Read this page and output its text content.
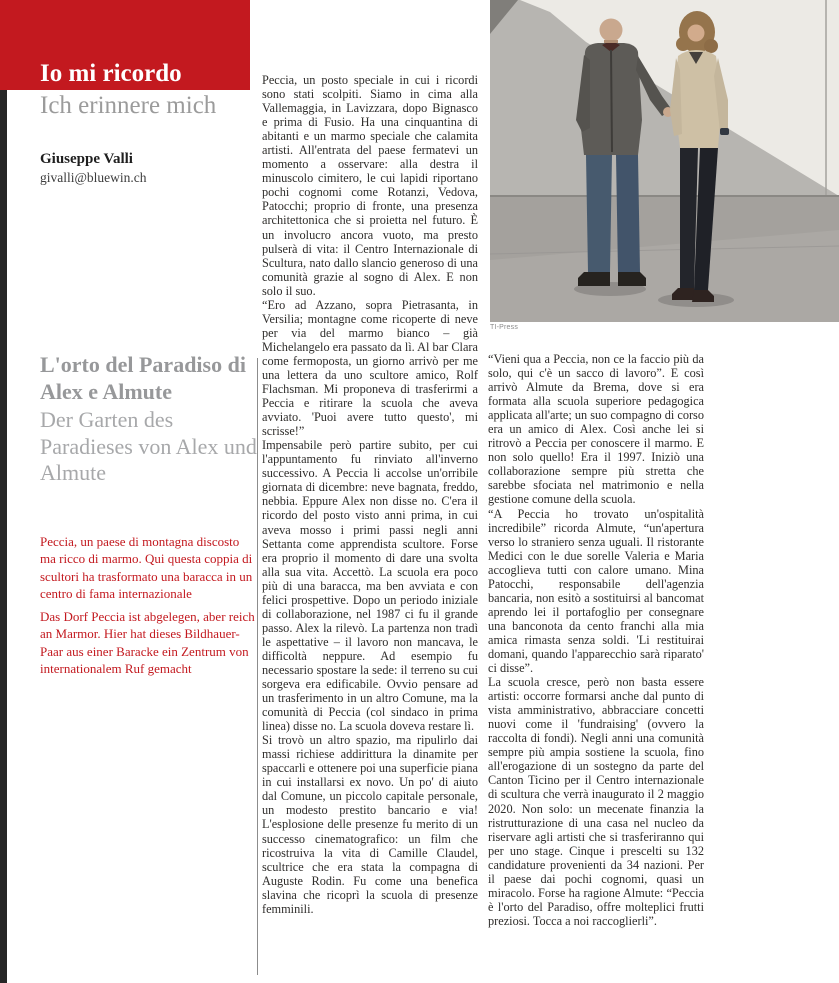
Io mi ricordo
Ich erinnere mich
Giuseppe Valli
givalli@bluewin.ch
L'orto del Paradiso di Alex e Almute
Der Garten des Paradieses von Alex und Almute
Peccia, un paese di montagna discosto ma ricco di marmo. Qui questa coppia di scultori ha trasformato una baracca in un centro di fama internazionale
Das Dorf Peccia ist abgelegen, aber reich an Marmor. Hier hat dieses Bildhauer-Paar aus einer Baracke ein Zentrum von internationalem Ruf gemacht

Peccia, un posto speciale in cui i ricordi sono stati scolpiti. Siamo in cima alla Vallemaggia, in Lavizzara, dopo Bignasco e prima di Fusio. Ha una cinquantina di abitanti e un marmo speciale che calamita artisti. All'entrata del paese fermatevi un momento a osservare: alla destra il minuscolo cimitero, le cui lapidi riportano pochi cognomi come Rotanzi, Vedova, Patocchi; proprio di fronte, una presenza architettonica che si proietta nel futuro. È un involucro ancora vuoto, ma presto pulserà di vita: il Centro Internazionale di Scultura, nato dallo slancio generoso di una comunità grazie al sogno di Alex. E non solo il suo.

“Ero ad Azzano, sopra Pietrasanta, in Versilia; montagne come ricoperte di neve per via del marmo bianco – già Michelangelo era passato da lì. Al bar Clara come fermoposta, un giorno arrivò per me una lettera da uno scultore amico, Rolf Flachsman. Mi proponeva di trasferirmi a Peccia e ritirare la scuola che aveva avviato. 'Puoi avere tutto questo', mi scrisse!”

Impensabile però partire subito, per cui l'appuntamento fu rinviato all'inverno successivo. A Peccia li accolse un'orribile giornata di dicembre: neve bagnata, freddo, nebbia. Eppure Alex non disse no. C'era il ricordo del posto visto anni prima, in cui aveva mosso i primi passi negli anni Settanta come apprendista scultore. Forse era proprio il momento di dare una svolta alla sua vita. Accettò. La scuola era poco più di una baracca, ma ben avviata e con felici prospettive. Dopo un periodo iniziale di collaborazione, nel 1987 ci fu il grande passo. Alex la rilevò. La partenza non tradì le aspettative – il lavoro non mancava, le difficoltà neppure. Ad esempio fu necessario spostare la sede: il terreno su cui sorgeva era edificabile. Ovvio pensare ad un trasferimento in un altro Comune, ma la comunità di Peccia (col sindaco in prima linea) disse no. La scuola doveva restare lì.

Si trovò un altro spazio, ma ripulirlo dai massi richiese addirittura la dinamite per spaccarli e ottenere poi una superficie piana in cui installarsi ex novo. Un po' di aiuto dal Comune, un piccolo capitale personale, un modesto prestito bancario e via! L'esplosione delle presenze fu merito di un successo cinematografico: un film che ricostruiva la vita di Camille Claudel, scultrice che era stata la compagna di Auguste Rodin. Fu come una benefica slavina che ricoprì la scuola di presenze femminili.

“Vieni qua a Peccia, non ce la faccio più da solo, qui c'è un sacco di lavoro”. E così arrivò Almute da Brema, dove si era formata alla scuola superiore pedagogica applicata all'arte; un suo compagno di corso era un amico di Alex. Così anche lei si ritrovò a Peccia per conoscere il marmo. E non solo quello! Era il 1997. Iniziò una collaborazione sempre più stretta che sarebbe sfociata nel matrimonio e nella gestione comune della scuola.

“A Peccia ho trovato un'ospitalità incredibile” ricorda Almute, “un'apertura verso lo straniero senza uguali. Il ristorante Medici con le due sorelle Valeria e Maria accoglieva tutti con calore umano. Mina Patocchi, responsabile dell'agenzia bancaria, non esitò a sostituirsi al bancomat aprendo lei il portafoglio per consegnare una banconota da cento franchi alla mia amica rimasta senza soldi. 'Li restituirai domani, quando l'apparecchio sarà riparato' ci disse”.

La scuola cresce, però non basta essere artisti: occorre formarsi anche dal punto di vista amministrativo, abbracciare concetti nuovi come il 'fundraising' (ovvero la raccolta di fondi). Negli anni una comunità sempre più ampia sostiene la scuola, fino all'erogazione di un sostegno da parte del Canton Ticino per il Centro internazionale di scultura che verrà inaugurato il 2 maggio 2020. Non solo: un mecenate finanzia la ristrutturazione di una casa nel nucleo da riservare agli artisti che si trasferiranno qui per uno stage. Cinque i prescelti su 132 candidature provenienti da 34 nazioni. Per il paese dai pochi cognomi, quasi un miracolo. Forse ha ragione Almute: “Peccia è l'orto del Paradiso, offre molteplici frutti preziosi. Tocca a noi raccoglierli”.

TI-Press
